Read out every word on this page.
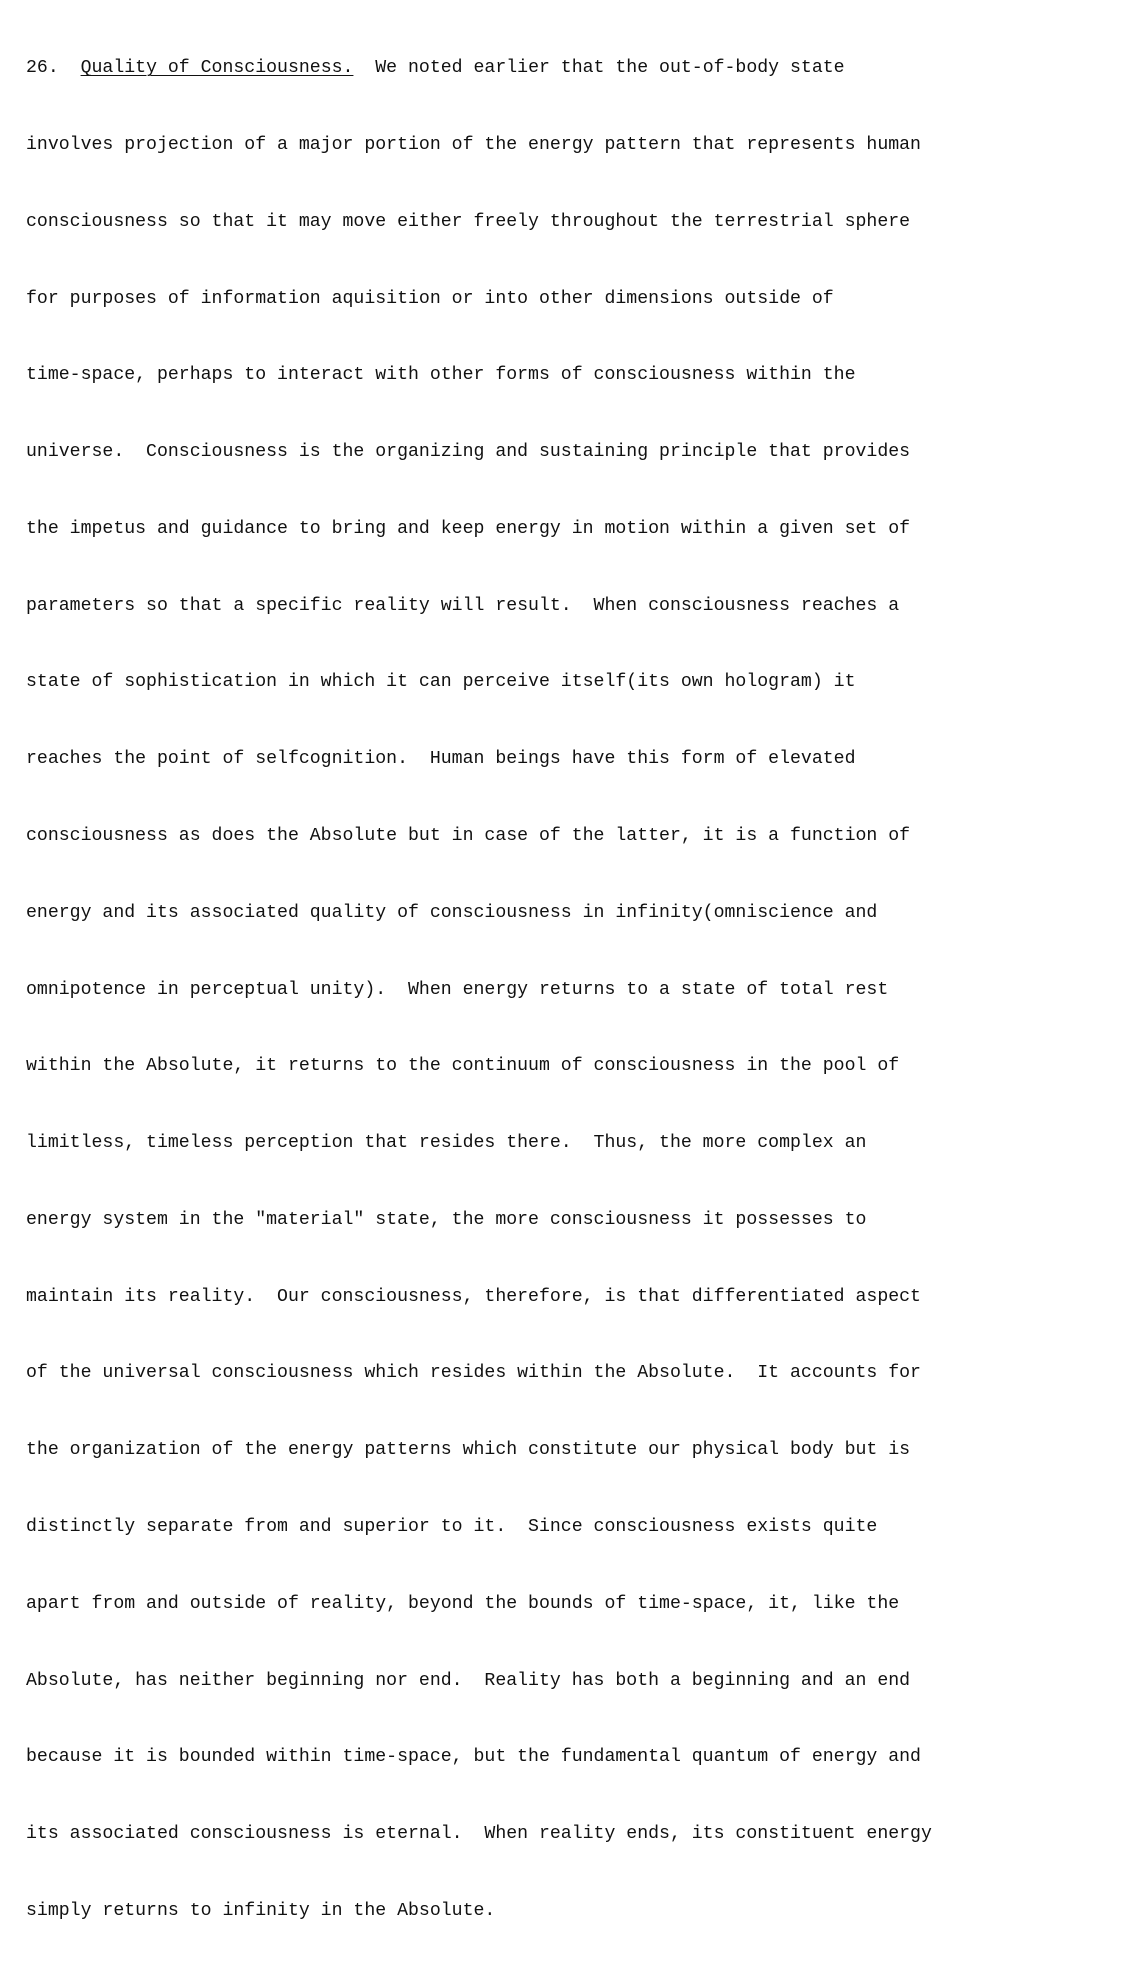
26.  Quality of Consciousness.  We noted earlier that the out-of-body state

involves projection of a major portion of the energy pattern that represents human

consciousness so that it may move either freely throughout the terrestrial sphere

for purposes of information aquisition or into other dimensions outside of

time-space, perhaps to interact with other forms of consciousness within the

universe.  Consciousness is the organizing and sustaining principle that provides

the impetus and guidance to bring and keep energy in motion within a given set of

parameters so that a specific reality will result.  When consciousness reaches a

state of sophistication in which it can perceive itself(its own hologram) it

reaches the point of selfcognition.  Human beings have this form of elevated

consciousness as does the Absolute but in case of the latter, it is a function of

energy and its associated quality of consciousness in infinity(omniscience and

omnipotence in perceptual unity).  When energy returns to a state of total rest

within the Absolute, it returns to the continuum of consciousness in the pool of

limitless, timeless perception that resides there.  Thus, the more complex an

energy system in the "material" state, the more consciousness it possesses to

maintain its reality.  Our consciousness, therefore, is that differentiated aspect

of the universal consciousness which resides within the Absolute.  It accounts for

the organization of the energy patterns which constitute our physical body but is

distinctly separate from and superior to it.  Since consciousness exists quite

apart from and outside of reality, beyond the bounds of time-space, it, like the

Absolute, has neither beginning nor end.  Reality has both a beginning and an end

because it is bounded within time-space, but the fundamental quantum of energy and

its associated consciousness is eternal.  When reality ends, its constituent energy

simply returns to infinity in the Absolute.
